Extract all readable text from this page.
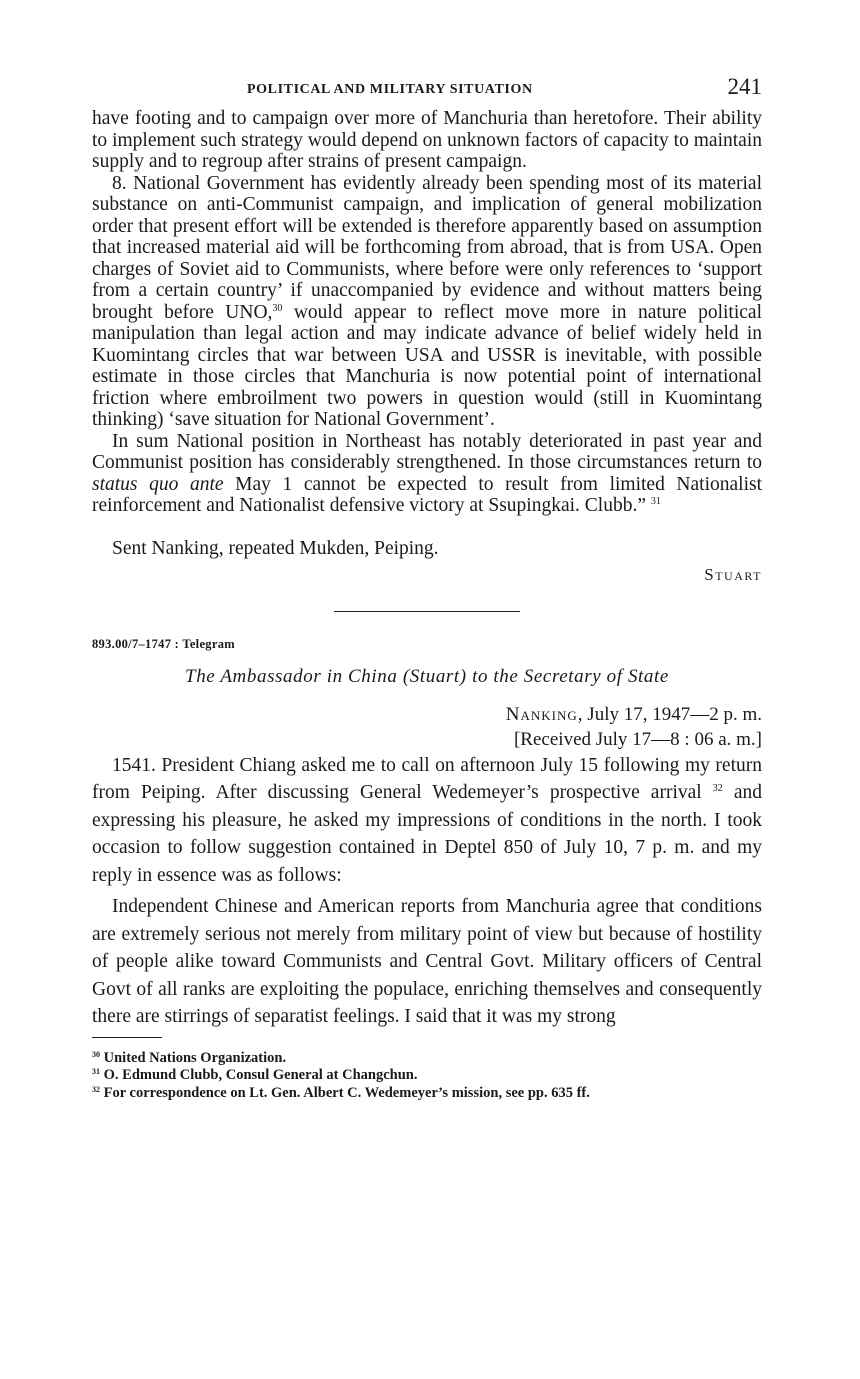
POLITICAL AND MILITARY SITUATION	241

have footing and to campaign over more of Manchuria than heretofore. Their ability to implement such strategy would depend on unknown factors of capacity to maintain supply and to regroup after strains of present campaign.

8. National Government has evidently already been spending most of its material substance on anti-Communist campaign, and implication of general mobilization order that present effort will be extended is therefore apparently based on assumption that increased material aid will be forthcoming from abroad, that is from USA. Open charges of Soviet aid to Communists, where before were only references to ‘support from a certain country’ if unaccompanied by evidence and without matters being brought before UNO,$^{30}$ would appear to reflect move more in nature political manipulation than legal action and may indicate advance of belief widely held in Kuomintang circles that war between USA and USSR is inevitable, with possible estimate in those circles that Manchuria is now potential point of international friction where embroilment two powers in question would (still in Kuomintang thinking) ‘save situation for National Government’.

In sum National position in Northeast has notably deteriorated in past year and Communist position has considerably strengthened. In those circumstances return to status quo ante May 1 cannot be expected to result from limited Nationalist reinforcement and Nationalist defensive victory at Ssupingkai. Clubb.” $^{31}$

Sent Nanking, repeated Mukden, Peiping.
Stuart
893.00/7–1747 : Telegram
The Ambassador in China (Stuart) to the Secretary of State
Nanking, July 17, 1947—2 p. m.
[Received July 17—8 : 06 a. m.]

1541. President Chiang asked me to call on afternoon July 15 following my return from Peiping. After discussing General Wedemeyer’s prospective arrival $^{32}$ and expressing his pleasure, he asked my impressions of conditions in the north. I took occasion to follow suggestion contained in Deptel 850 of July 10, 7 p. m. and my reply in essence was as follows:

Independent Chinese and American reports from Manchuria agree that conditions are extremely serious not merely from military point of view but because of hostility of people alike toward Communists and Central Govt. Military officers of Central Govt of all ranks are exploiting the populace, enriching themselves and consequently there are stirrings of separatist feelings. I said that it was my strong

$^{30}$ United Nations Organization.
$^{31}$ O. Edmund Clubb, Consul General at Changchun.
$^{32}$ For correspondence on Lt. Gen. Albert C. Wedemeyer’s mission, see pp. 635 ff.
